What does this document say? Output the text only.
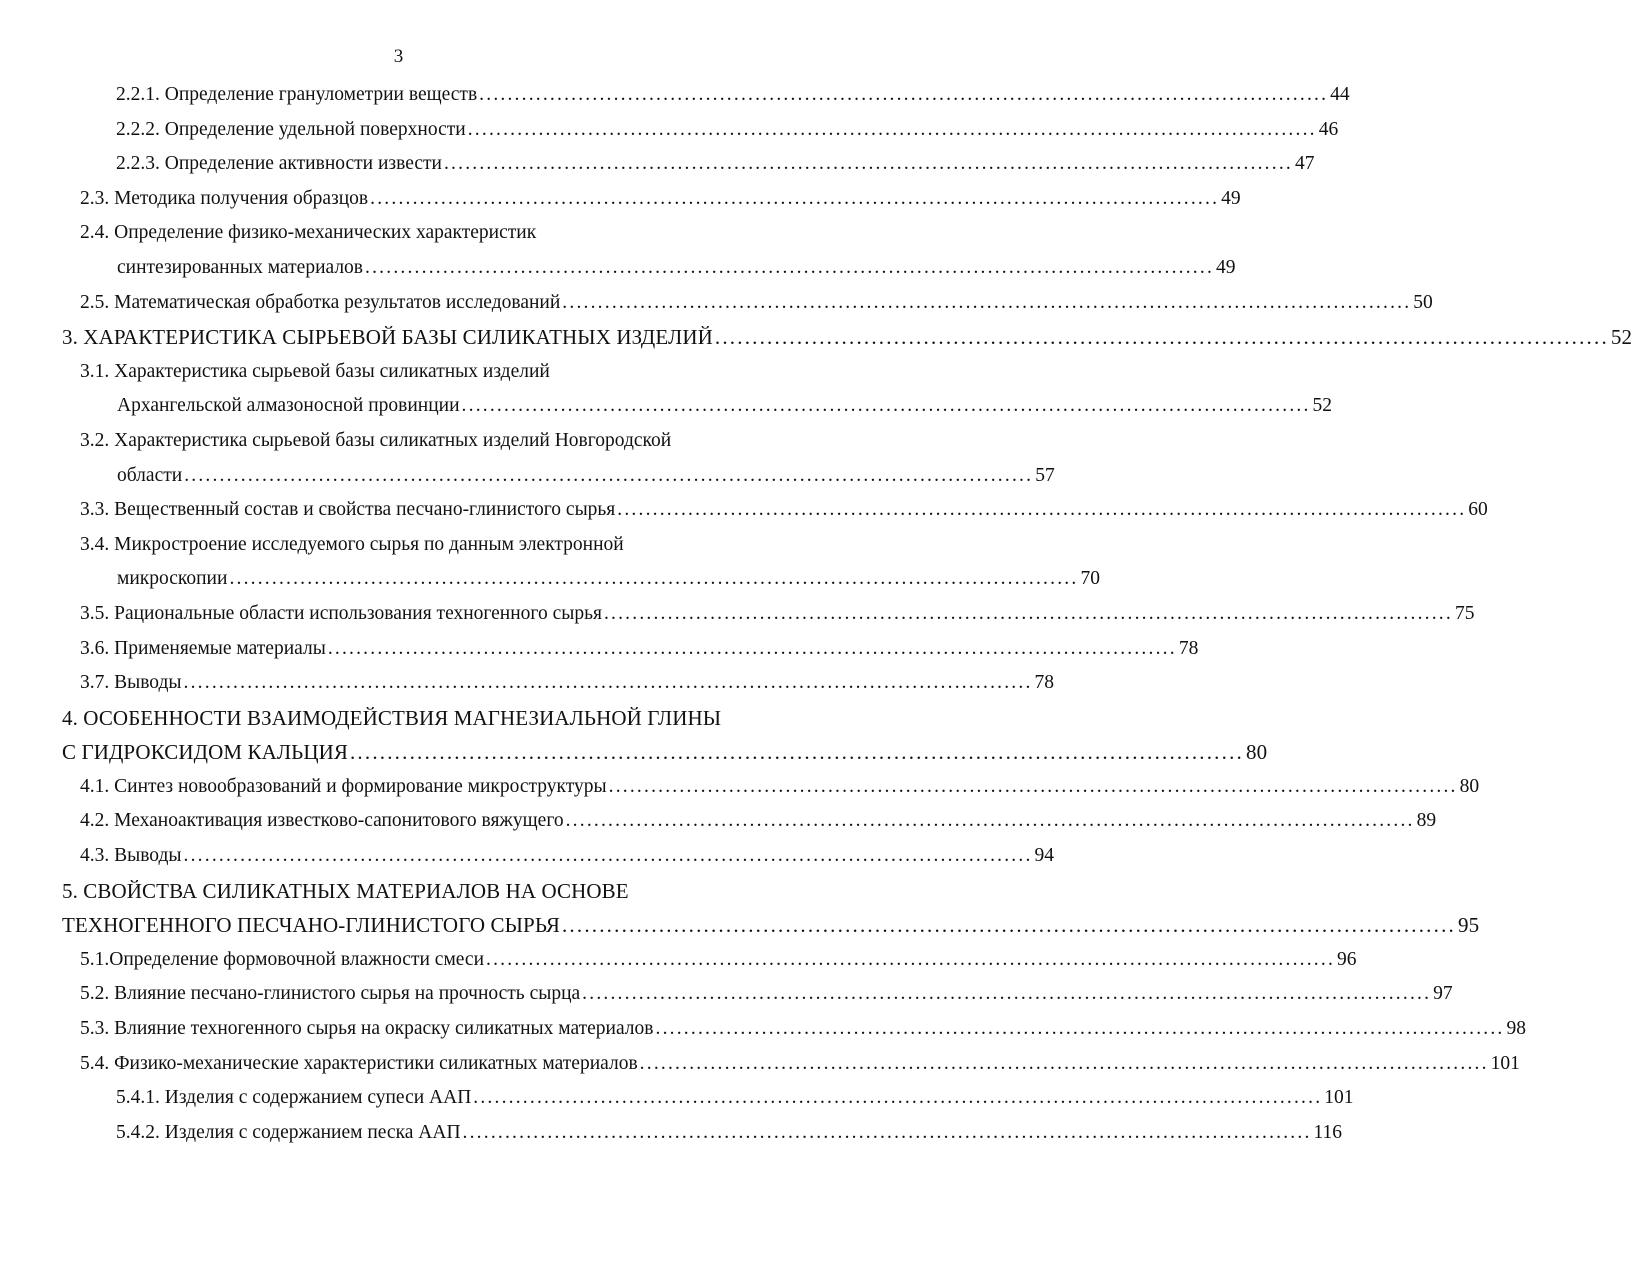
3
2.2.1. Определение гранулометрии веществ ........................................................................................................................ 44
2.2.2. Определение удельной поверхности ........................................................................................................................ 46
2.2.3. Определение активности извести ........................................................................................................................ 47
2.3. Методика получения образцов ........................................................................................................................ 49
2.4. Определение физико-механических характеристик
синтезированных материалов ........................................................................................................................ 49
2.5. Математическая обработка результатов исследований ........................................................................................................................ 50
3. ХАРАКТЕРИСТИКА СЫРЬЕВОЙ БАЗЫ СИЛИКАТНЫХ ИЗДЕЛИЙ ........................................................................................................................ 52
3.1. Характеристика сырьевой базы силикатных изделий
Архангельской алмазоносной провинции ........................................................................................................................ 52
3.2. Характеристика сырьевой базы силикатных изделий Новгородской
области ........................................................................................................................ 57
3.3. Вещественный состав и свойства песчано-глинистого сырья ........................................................................................................................ 60
3.4. Микростроение исследуемого сырья по данным электронной
микроскопии ........................................................................................................................ 70
3.5. Рациональные области использования техногенного сырья ........................................................................................................................ 75
3.6. Применяемые материалы ........................................................................................................................ 78
3.7. Выводы ........................................................................................................................ 78
4. ОСОБЕННОСТИ ВЗАИМОДЕЙСТВИЯ МАГНЕЗИАЛЬНОЙ ГЛИНЫ
С ГИДРОКСИДОМ КАЛЬЦИЯ ........................................................................................................................ 80
4.1. Синтез новообразований и формирование микроструктуры ........................................................................................................................ 80
4.2. Механоактивация известково-сапонитового вяжущего ........................................................................................................................ 89
4.3. Выводы ........................................................................................................................ 94
5. СВОЙСТВА СИЛИКАТНЫХ МАТЕРИАЛОВ НА ОСНОВЕ
ТЕХНОГЕННОГО ПЕСЧАНО-ГЛИНИСТОГО СЫРЬЯ ........................................................................................................................ 95
5.1.Определение формовочной влажности смеси ........................................................................................................................ 96
5.2. Влияние песчано-глинистого сырья на прочность сырца ........................................................................................................................ 97
5.3. Влияние техногенного сырья на окраску силикатных материалов ........................................................................................................................ 98
5.4. Физико-механические характеристики силикатных материалов ........................................................................................................................ 101
5.4.1. Изделия с содержанием супеси ААП ........................................................................................................................ 101
5.4.2. Изделия с содержанием песка ААП ........................................................................................................................ 116
